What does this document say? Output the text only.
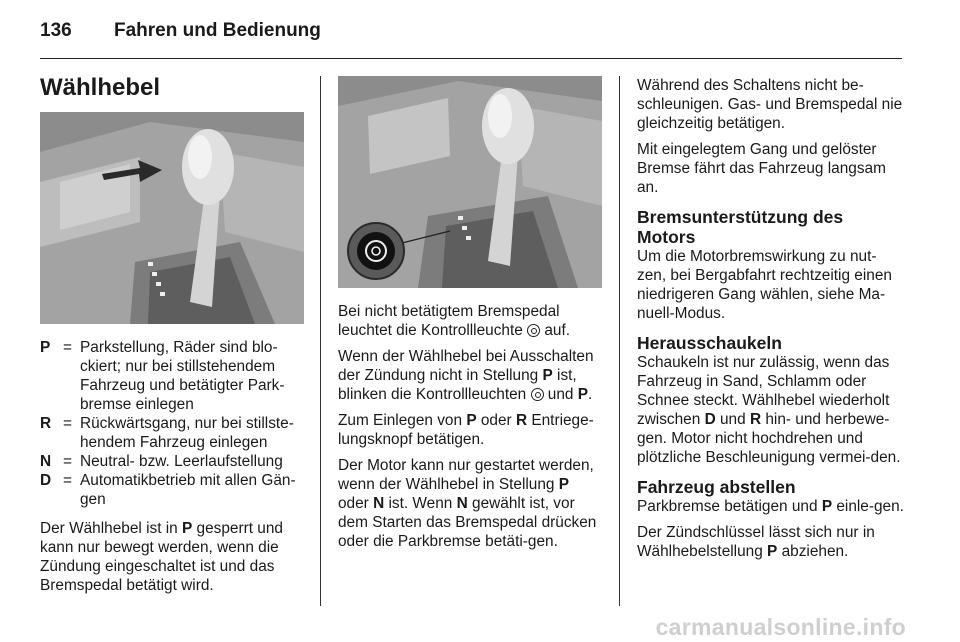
136 Fahren und Bedienung
Wählhebel
P = Parkstellung, Räder sind blo-ckiert; nur bei stillstehendem Fahrzeug und betätigter Park-bremse einlegen
R = Rückwärtsgang, nur bei stillste-hendem Fahrzeug einlegen
N = Neutral- bzw. Leerlaufstellung
D = Automatikbetrieb mit allen Gän-gen

Der Wählhebel ist in P gesperrt und kann nur bewegt werden, wenn die Zündung eingeschaltet ist und das Bremspedal betätigt wird.

Bei nicht betätigtem Bremspedal leuchtet die Kontrollleuchte  auf.

Wenn der Wählhebel bei Ausschalten der Zündung nicht in Stellung P ist, blinken die Kontrollleuchten  und P.

Zum Einlegen von P oder R Entriege-lungsknopf betätigen.

Der Motor kann nur gestartet werden, wenn der Wählhebel in Stellung P oder N ist. Wenn N gewählt ist, vor dem Starten das Bremspedal drücken oder die Parkbremse betäti-gen.

Während des Schaltens nicht be-schleunigen. Gas- und Bremspedal nie gleichzeitig betätigen.

Mit eingelegtem Gang und gelöster Bremse fährt das Fahrzeug langsam an.

Bremsunterstützung des Motors

Um die Motorbremswirkung zu nut-zen, bei Bergabfahrt rechtzeitig einen niedrigeren Gang wählen, siehe Ma-nuell-Modus.

Herausschaukeln

Schaukeln ist nur zulässig, wenn das Fahrzeug in Sand, Schlamm oder Schnee steckt. Wählhebel wiederholt zwischen D und R hin- und herbewe-gen. Motor nicht hochdrehen und plötzliche Beschleunigung vermei-den.

Fahrzeug abstellen

Parkbremse betätigen und P einle-gen.

Der Zündschlüssel lässt sich nur in Wählhebelstellung P abziehen.

carmanualsonline.info
